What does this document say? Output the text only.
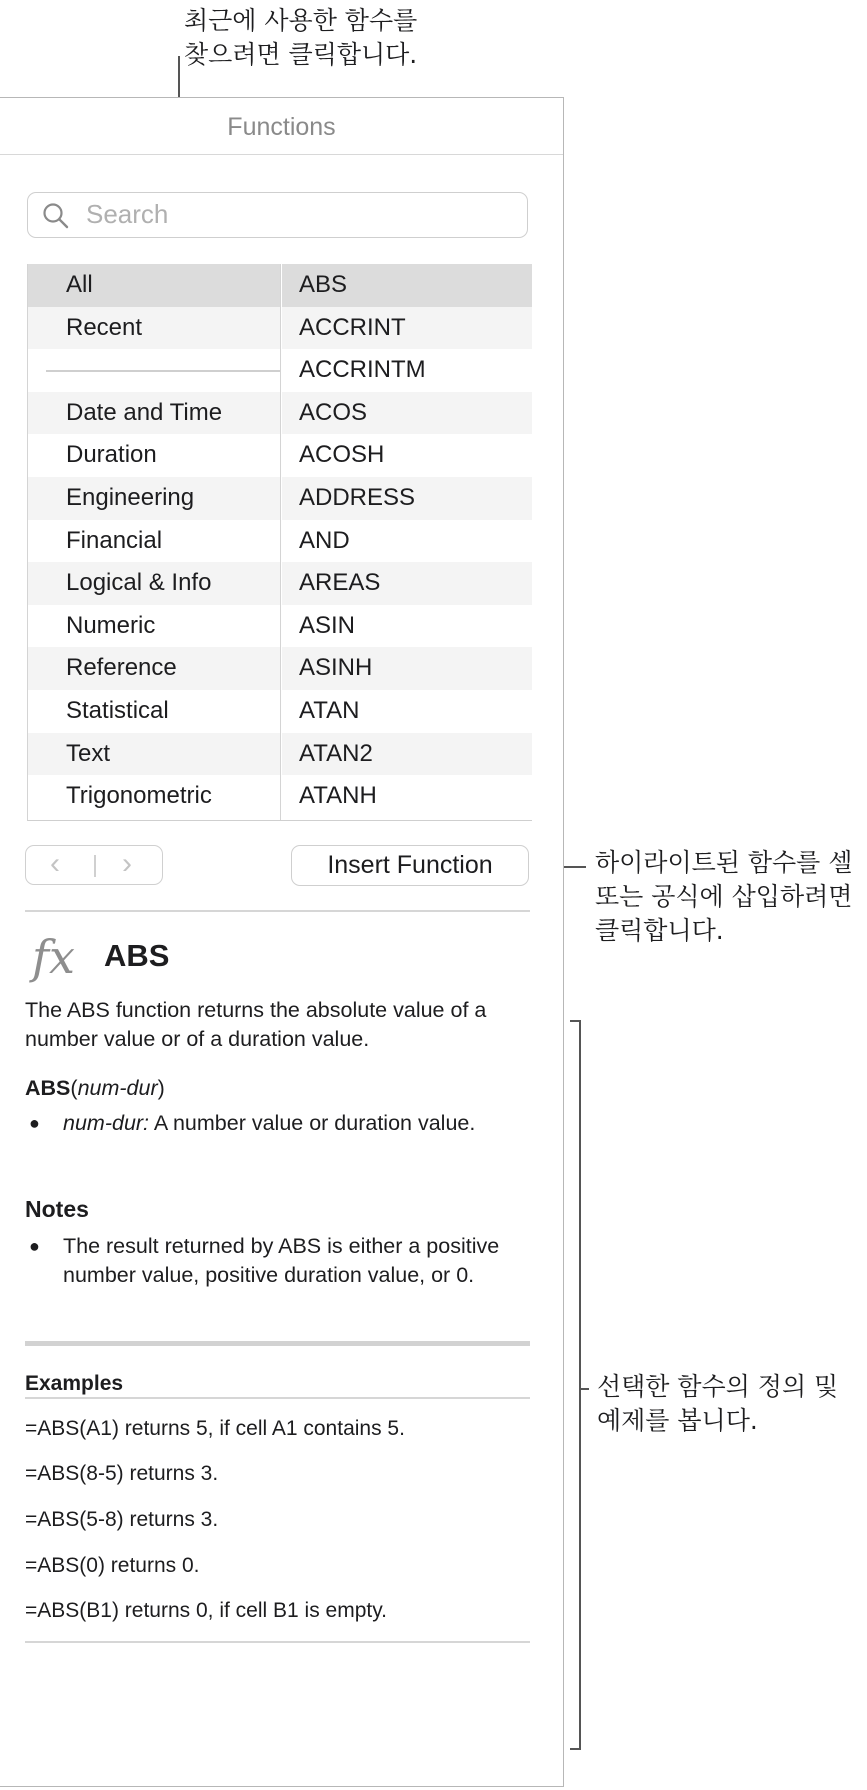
최근에 사용한 함수를
찾으려면 클릭합니다.
하이라이트된 함수를 셀
또는 공식에 삽입하려면
클릭합니다.
선택한 함수의 정의 및
예제를 봅니다.
Functions
Search
All
Recent
Date and Time
Duration
Engineering
Financial
Logical & Info
Numeric
Reference
Statistical
Text
Trigonometric
ABS
ACCRINT
ACCRINTM
ACOS
ACOSH
ADDRESS
AND
AREAS
ASIN
ASINH
ATAN
ATAN2
ATANH
‹ ›	Insert Function
fx ABS
The ABS function returns the absolute value of a number value or of a duration value.
ABS(num-dur)
● num-dur: A number value or duration value.
Notes
● The result returned by ABS is either a positive number value, positive duration value, or 0.
Examples
=ABS(A1) returns 5, if cell A1 contains 5.
=ABS(8-5) returns 3.
=ABS(5-8) returns 3.
=ABS(0) returns 0.
=ABS(B1) returns 0, if cell B1 is empty.
